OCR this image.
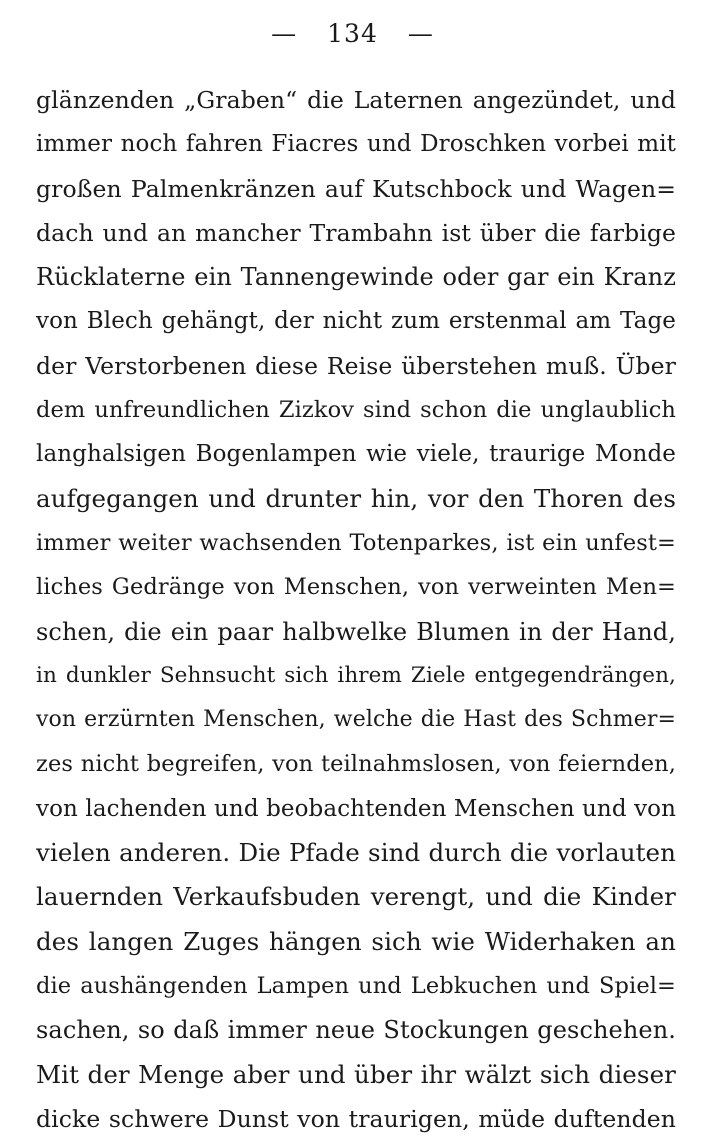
— 134 —
glänzenden „Graben“ die Laternen angezündet, und
immer noch fahren Fiacres und Droschken vorbei mit
großen Palmenkränzen auf Kutschbock und Wagen=
dach und an mancher Trambahn ist über die farbige
Rücklaterne ein Tannengewinde oder gar ein Kranz
von Blech gehängt, der nicht zum erstenmal am Tage
der Verstorbenen diese Reise überstehen muß. Über
dem unfreundlichen Zizkov sind schon die unglaublich
langhalsigen Bogenlampen wie viele, traurige Monde
aufgegangen und drunter hin, vor den Thoren des
immer weiter wachsenden Totenparkes, ist ein unfest=
liches Gedränge von Menschen, von verweinten Men=
schen, die ein paar halbwelke Blumen in der Hand,
in dunkler Sehnsucht sich ihrem Ziele entgegendrängen,
von erzürnten Menschen, welche die Hast des Schmer=
zes nicht begreifen, von teilnahmslosen, von feiernden,
von lachenden und beobachtenden Menschen und von
vielen anderen. Die Pfade sind durch die vorlauten
lauernden Verkaufsbuden verengt, und die Kinder
des langen Zuges hängen sich wie Widerhaken an
die aushängenden Lampen und Lebkuchen und Spiel=
sachen, so daß immer neue Stockungen geschehen.
Mit der Menge aber und über ihr wälzt sich dieser
dicke schwere Dunst von traurigen, müde duftenden
